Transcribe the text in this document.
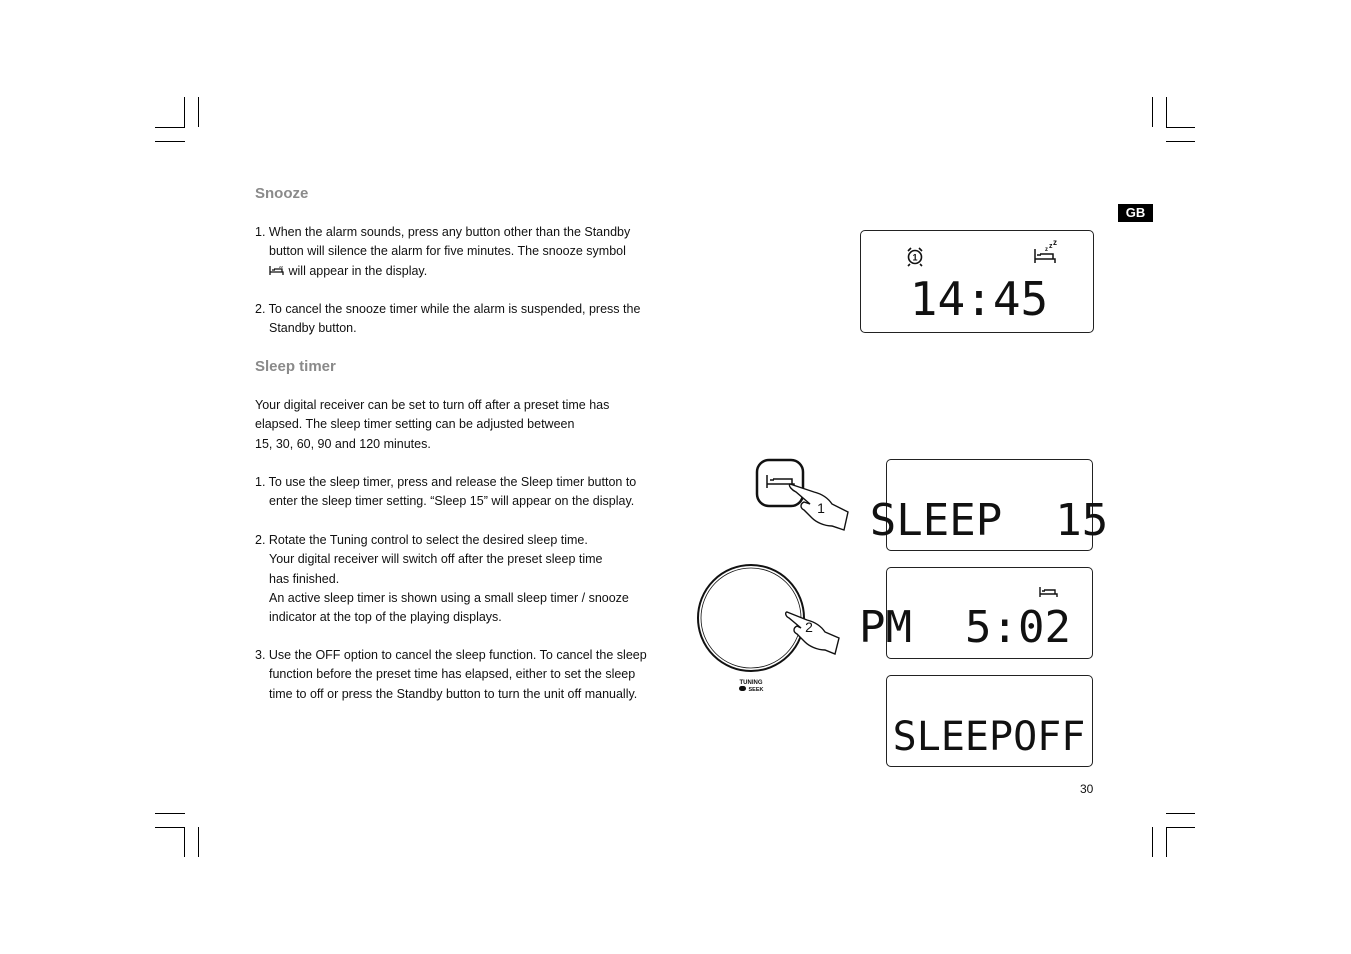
GB
Snooze
1. When the alarm sounds, press any button other than the Standby
button will silence the alarm for five minutes. The snooze symbol
zz will appear in the display.
2. To cancel the snooze timer while the alarm is suspended, press the
Standby button.
Sleep timer
Your digital receiver can be set to turn off after a preset time has
elapsed. The sleep timer setting can be adjusted between
15, 30, 60, 90 and 120 minutes.
1. To use the sleep timer, press and release the Sleep timer button to
enter the sleep timer setting. “Sleep 15” will appear on the display.
2. Rotate the Tuning control to select the desired sleep time.
Your digital receiver will switch off after the preset sleep time
has finished.
An active sleep timer is shown using a small sleep timer / snooze
indicator at the top of the playing displays.
3. Use the OFF option to cancel the sleep function. To cancel the sleep
function before the preset time has elapsed, either to set the sleep
time to off or press the Standby button to turn the unit off manually.
1
z z z
14:45
1
2
TUNING
SEEK
SLEEP  15
PM  5:02
SLEEPOFF
30
